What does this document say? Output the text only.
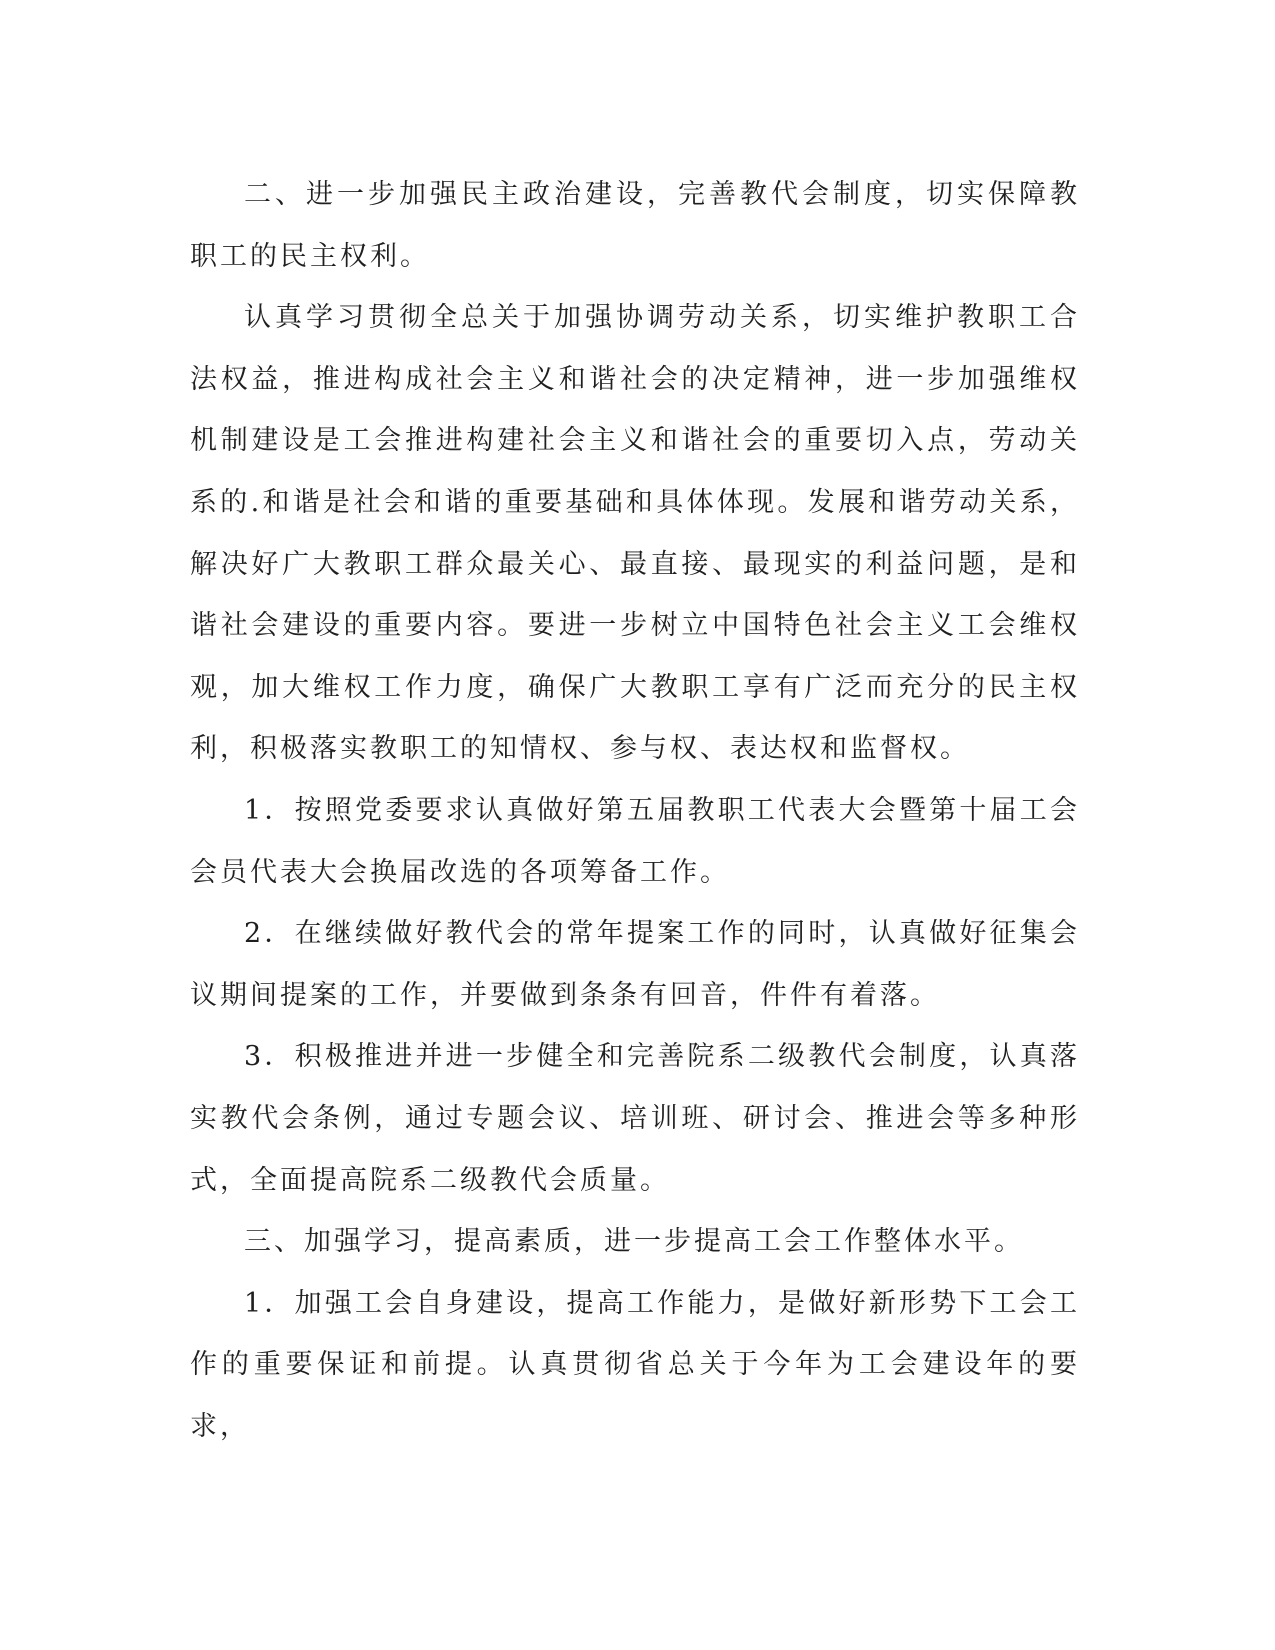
二、进一步加强民主政治建设，完善教代会制度，切实保障教职工的民主权利。

认真学习贯彻全总关于加强协调劳动关系，切实维护教职工合法权益，推进构成社会主义和谐社会的决定精神，进一步加强维权机制建设是工会推进构建社会主义和谐社会的重要切入点，劳动关系的.和谐是社会和谐的重要基础和具体体现。发展和谐劳动关系，解决好广大教职工群众最关心、最直接、最现实的利益问题，是和谐社会建设的重要内容。要进一步树立中国特色社会主义工会维权观，加大维权工作力度，确保广大教职工享有广泛而充分的民主权利，积极落实教职工的知情权、参与权、表达权和监督权。

1．按照党委要求认真做好第五届教职工代表大会暨第十届工会会员代表大会换届改选的各项筹备工作。

2．在继续做好教代会的常年提案工作的同时，认真做好征集会议期间提案的工作，并要做到条条有回音，件件有着落。

3．积极推进并进一步健全和完善院系二级教代会制度，认真落实教代会条例，通过专题会议、培训班、研讨会、推进会等多种形式，全面提高院系二级教代会质量。

三、加强学习，提高素质，进一步提高工会工作整体水平。

1．加强工会自身建设，提高工作能力，是做好新形势下工会工作的重要保证和前提。认真贯彻省总关于今年为工会建设年的要求，
